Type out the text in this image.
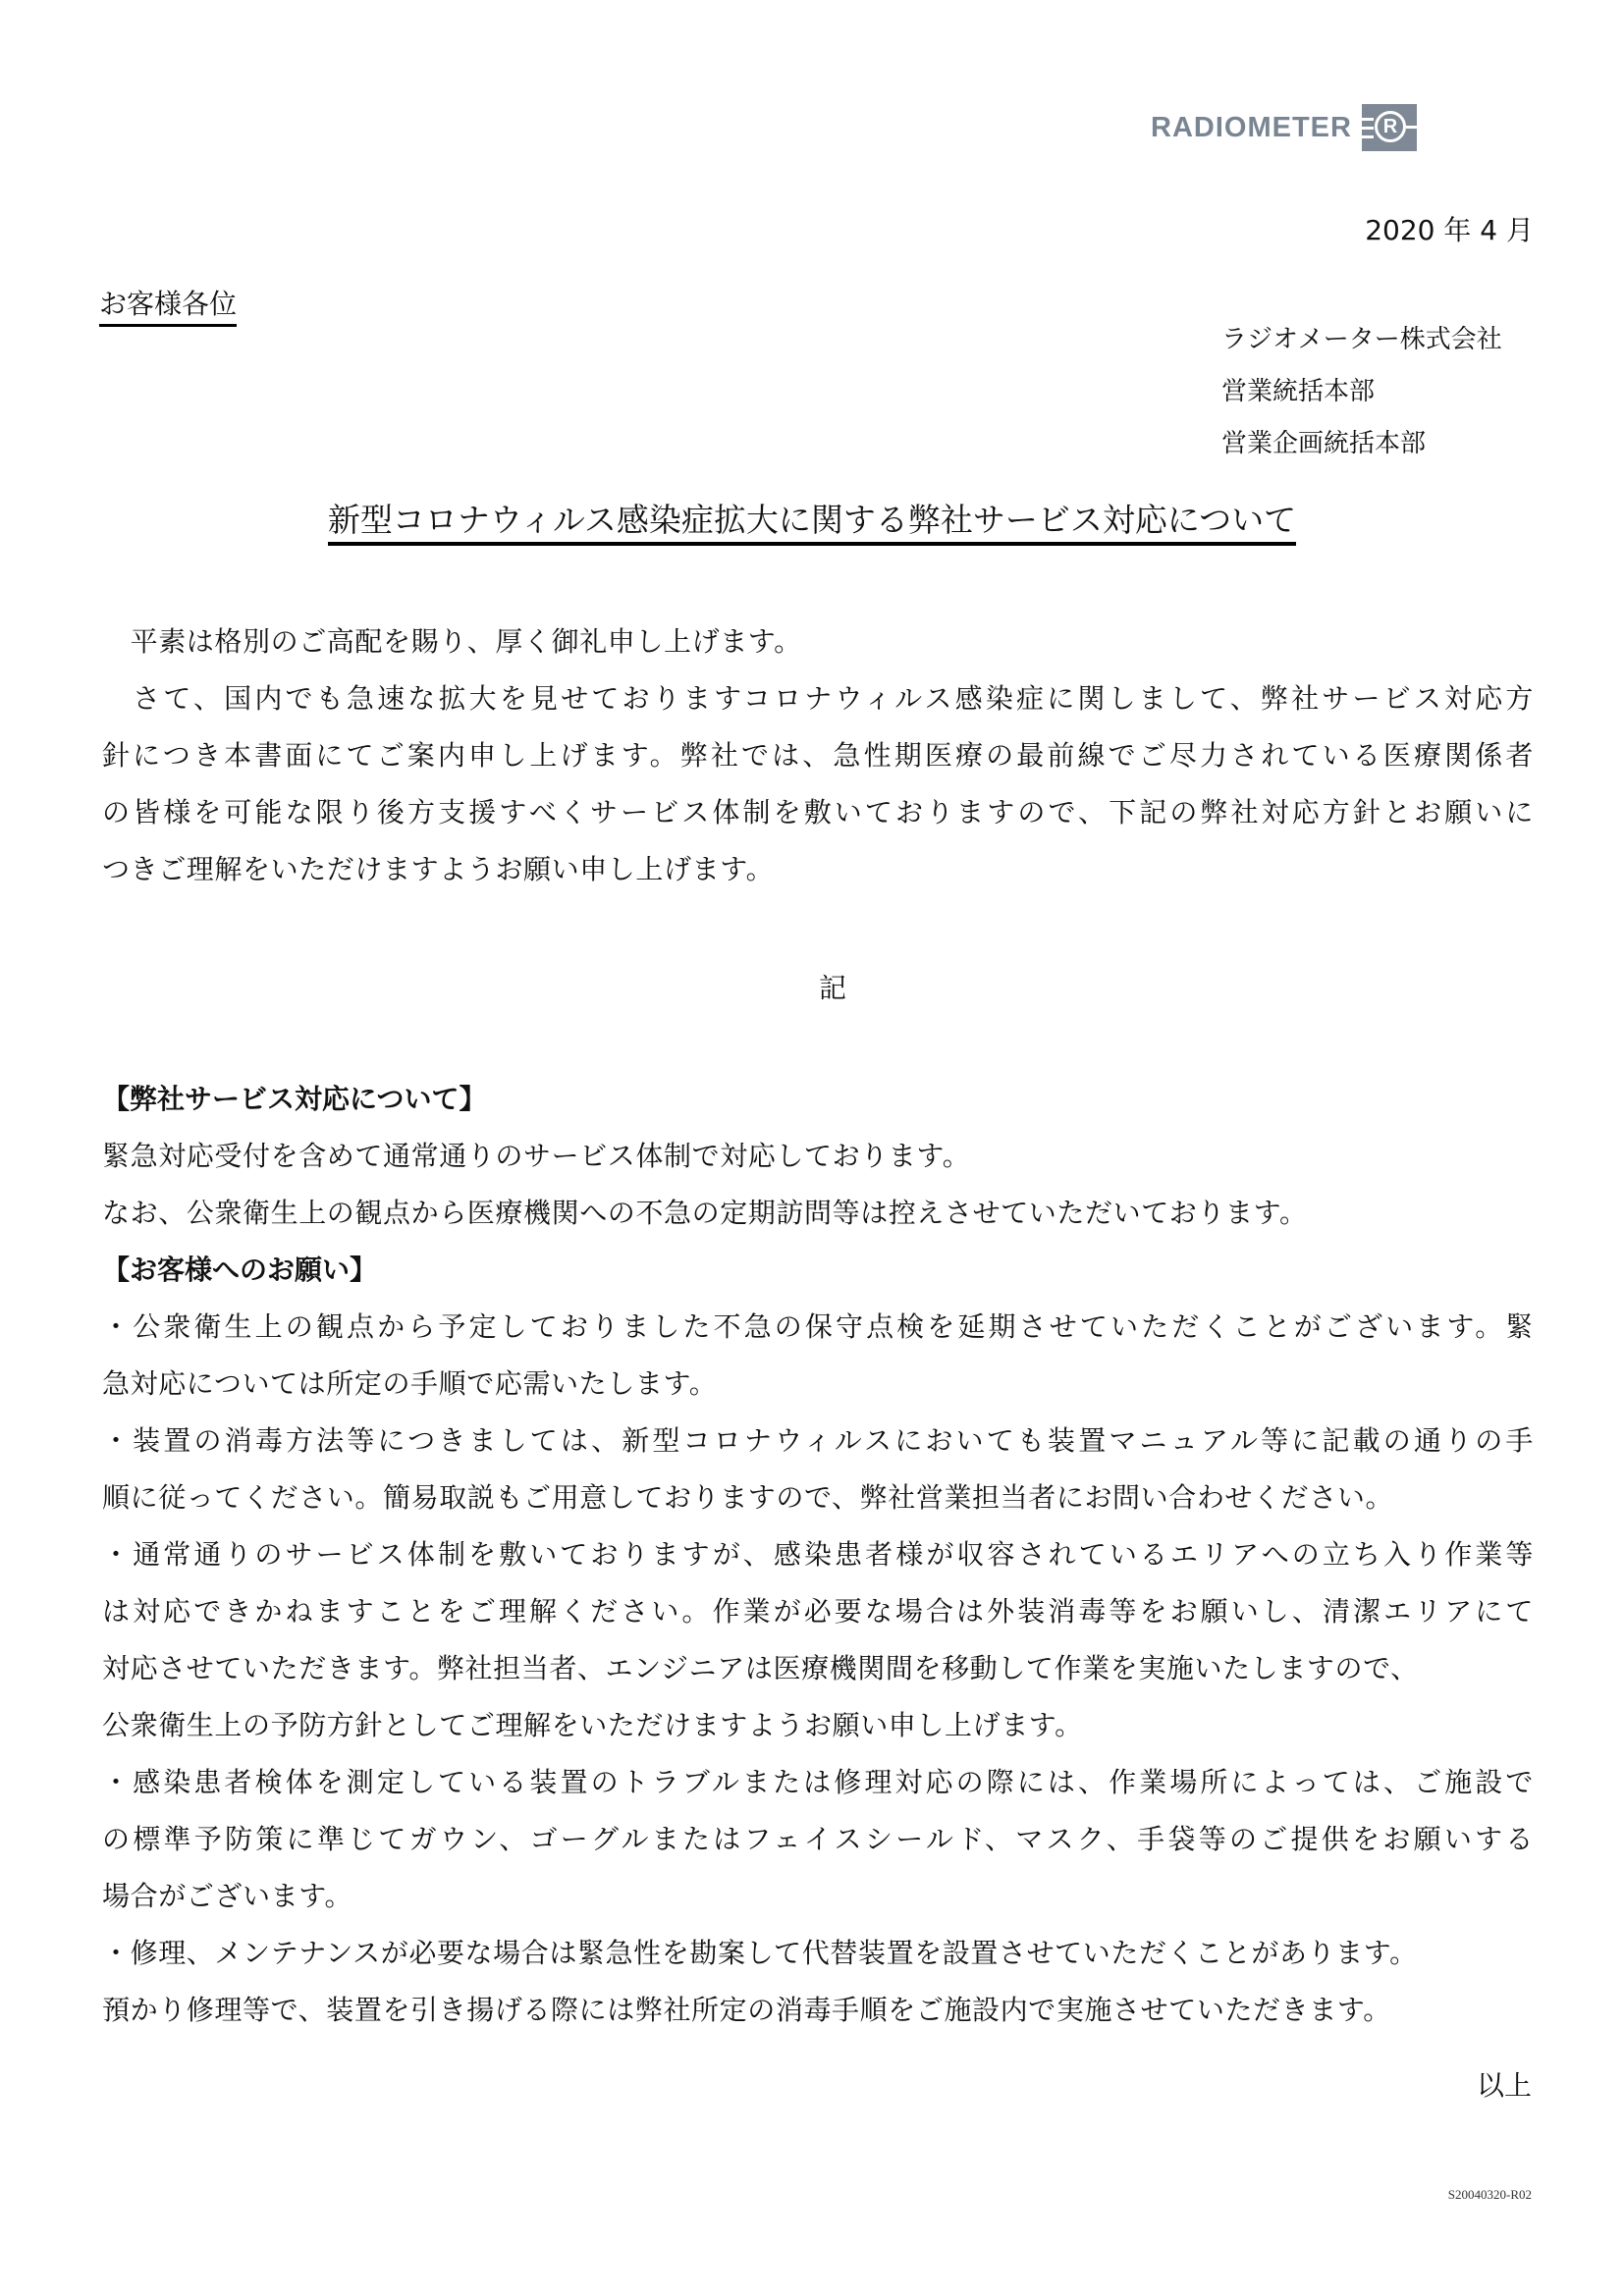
RADIOMETER	R
2020 年 4 月
お客様各位
ラジオメーター株式会社
営業統括本部
営業企画統括本部
新型コロナウィルス感染症拡大に関する弊社サービス対応について
　平素は格別のご高配を賜り、厚く御礼申し上げます。
　さて、国内でも急速な拡大を見せておりますコロナウィルス感染症に関しまして、弊社サービス対応方
針につき本書面にてご案内申し上げます。弊社では、急性期医療の最前線でご尽力されている医療関係者
の皆様を可能な限り後方支援すべくサービス体制を敷いておりますので、下記の弊社対応方針とお願いに
つきご理解をいただけますようお願い申し上げます。
記
【弊社サービス対応について】
緊急対応受付を含めて通常通りのサービス体制で対応しております。
なお、公衆衛生上の観点から医療機関への不急の定期訪問等は控えさせていただいております。
【お客様へのお願い】
・公衆衛生上の観点から予定しておりました不急の保守点検を延期させていただくことがございます。緊
急対応については所定の手順で応需いたします。
・装置の消毒方法等につきましては、新型コロナウィルスにおいても装置マニュアル等に記載の通りの手
順に従ってください。簡易取説もご用意しておりますので、弊社営業担当者にお問い合わせください。
・通常通りのサービス体制を敷いておりますが、感染患者様が収容されているエリアへの立ち入り作業等
は対応できかねますことをご理解ください。作業が必要な場合は外装消毒等をお願いし、清潔エリアにて
対応させていただきます。弊社担当者、エンジニアは医療機関間を移動して作業を実施いたしますので、
公衆衛生上の予防方針としてご理解をいただけますようお願い申し上げます。
・感染患者検体を測定している装置のトラブルまたは修理対応の際には、作業場所によっては、ご施設で
の標準予防策に準じてガウン、ゴーグルまたはフェイスシールド、マスク、手袋等のご提供をお願いする
場合がございます。
・修理、メンテナンスが必要な場合は緊急性を勘案して代替装置を設置させていただくことがあります。
預かり修理等で、装置を引き揚げる際には弊社所定の消毒手順をご施設内で実施させていただきます。
以上
S20040320-R02
